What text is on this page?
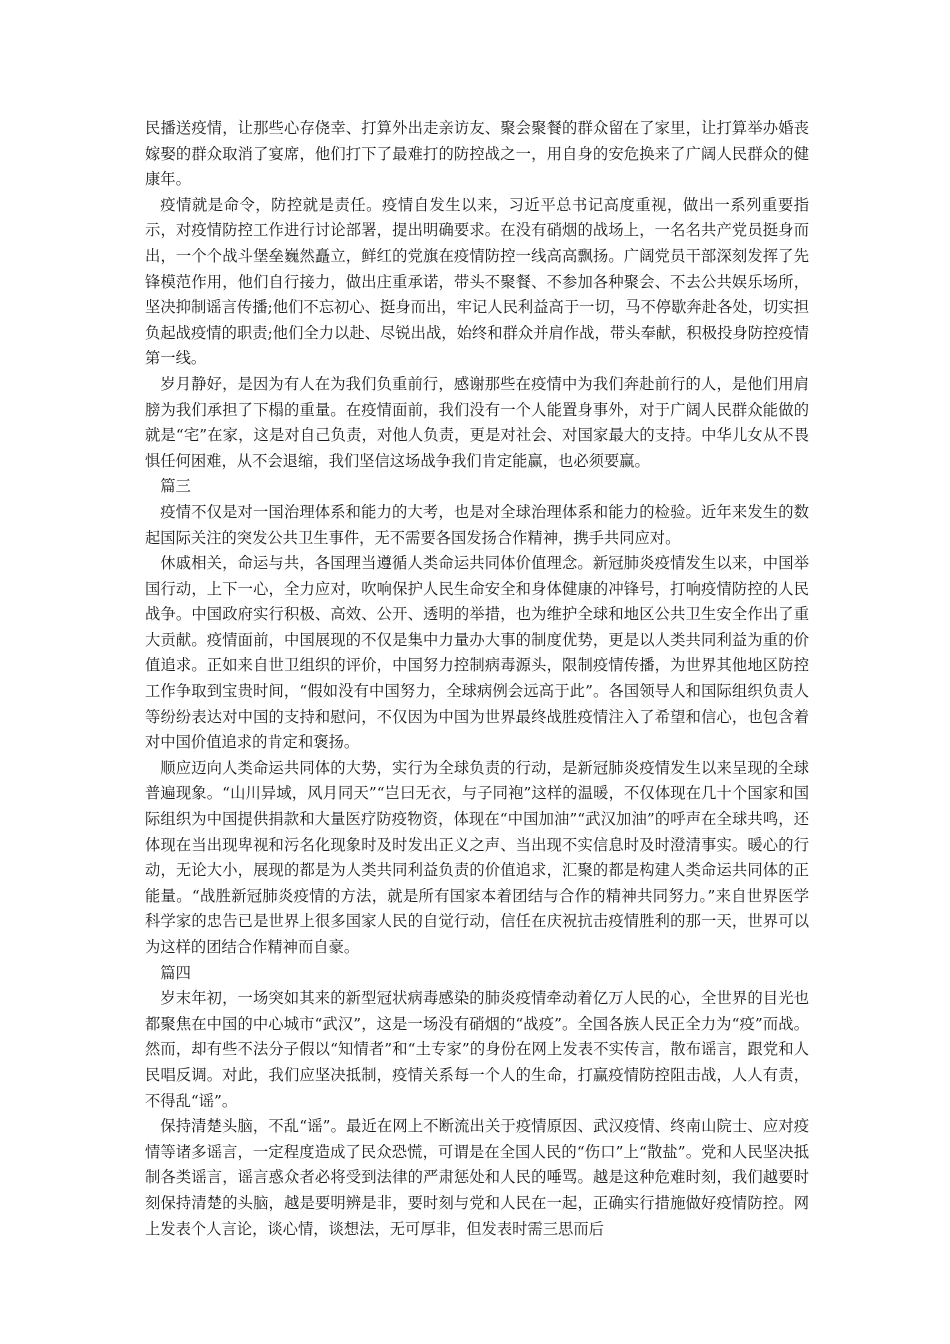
民播送疫情，让那些心存侥幸、打算外出走亲访友、聚会聚餐的群众留在了家里，让打算举办婚丧嫁娶的群众取消了宴席，他们打下了最难打的防控战之一，用自身的安危换来了广阔人民群众的健康年。

疫情就是命令，防控就是责任。疫情自发生以来，习近平总书记高度重视，做出一系列重要指示，对疫情防控工作进行讨论部署，提出明确要求。在没有硝烟的战场上，一名名共产党员挺身而出，一个个战斗堡垒巍然矗立，鲜红的党旗在疫情防控一线高高飘扬。广阔党员干部深刻发挥了先锋模范作用，他们自行接力，做出庄重承诺，带头不聚餐、不参加各种聚会、不去公共娱乐场所，坚决抑制谣言传播;他们不忘初心、挺身而出，牢记人民利益高于一切，马不停歇奔赴各处，切实担负起战疫情的职责;他们全力以赴、尽锐出战，始终和群众并肩作战，带头奉献，积极投身防控疫情第一线。

岁月静好，是因为有人在为我们负重前行，感谢那些在疫情中为我们奔赴前行的人，是他们用肩膀为我们承担了下榻的重量。在疫情面前，我们没有一个人能置身事外，对于广阔人民群众能做的就是“宅”在家，这是对自己负责，对他人负责，更是对社会、对国家最大的支持。中华儿女从不畏惧任何困难，从不会退缩，我们坚信这场战争我们肯定能赢，也必须要赢。

篇三

疫情不仅是对一国治理体系和能力的大考，也是对全球治理体系和能力的检验。近年来发生的数起国际关注的突发公共卫生事件，无不需要各国发扬合作精神，携手共同应对。

休戚相关，命运与共，各国理当遵循人类命运共同体价值理念。新冠肺炎疫情发生以来，中国举国行动，上下一心，全力应对，吹响保护人民生命安全和身体健康的冲锋号，打响疫情防控的人民战争。中国政府实行积极、高效、公开、透明的举措，也为维护全球和地区公共卫生安全作出了重大贡献。疫情面前，中国展现的不仅是集中力量办大事的制度优势，更是以人类共同利益为重的价值追求。正如来自世卫组织的评价，中国努力控制病毒源头，限制疫情传播，为世界其他地区防控工作争取到宝贵时间，“假如没有中国努力，全球病例会远高于此”。各国领导人和国际组织负责人等纷纷表达对中国的支持和慰问，不仅因为中国为世界最终战胜疫情注入了希望和信心，也包含着对中国价值追求的肯定和褒扬。

顺应迈向人类命运共同体的大势，实行为全球负责的行动，是新冠肺炎疫情发生以来呈现的全球普遍现象。“山川异域，风月同天”“岂曰无衣，与子同袍”这样的温暖，不仅体现在几十个国家和国际组织为中国提供捐款和大量医疗防疫物资，体现在“中国加油”“武汉加油”的呼声在全球共鸣，还体现在当出现卑视和污名化现象时及时发出正义之声、当出现不实信息时及时澄清事实。暖心的行动，无论大小，展现的都是为人类共同利益负责的价值追求，汇聚的都是构建人类命运共同体的正能量。“战胜新冠肺炎疫情的方法，就是所有国家本着团结与合作的精神共同努力。”来自世界医学科学家的忠告已是世界上很多国家人民的自觉行动，信任在庆祝抗击疫情胜利的那一天，世界可以为这样的团结合作精神而自豪。

篇四

岁末年初，一场突如其来的新型冠状病毒感染的肺炎疫情牵动着亿万人民的心，全世界的目光也都聚焦在中国的中心城市“武汉”，这是一场没有硝烟的“战疫”。全国各族人民正全力为“疫”而战。然而，却有些不法分子假以“知情者”和“土专家”的身份在网上发表不实传言，散布谣言，跟党和人民唱反调。对此，我们应坚决抵制，疫情关系每一个人的生命，打赢疫情防控阻击战，人人有责，不得乱“谣”。

保持清楚头脑，不乱“谣”。最近在网上不断流出关于疫情原因、武汉疫情、终南山院士、应对疫情等诸多谣言，一定程度造成了民众恐慌，可谓是在全国人民的“伤口”上“散盐”。党和人民坚决抵制各类谣言，谣言惑众者必将受到法律的严肃惩处和人民的唾骂。越是这种危难时刻，我们越要时刻保持清楚的头脑，越是要明辨是非，要时刻与党和人民在一起，正确实行措施做好疫情防控。网上发表个人言论，谈心情，谈想法，无可厚非，但发表时需三思而后
